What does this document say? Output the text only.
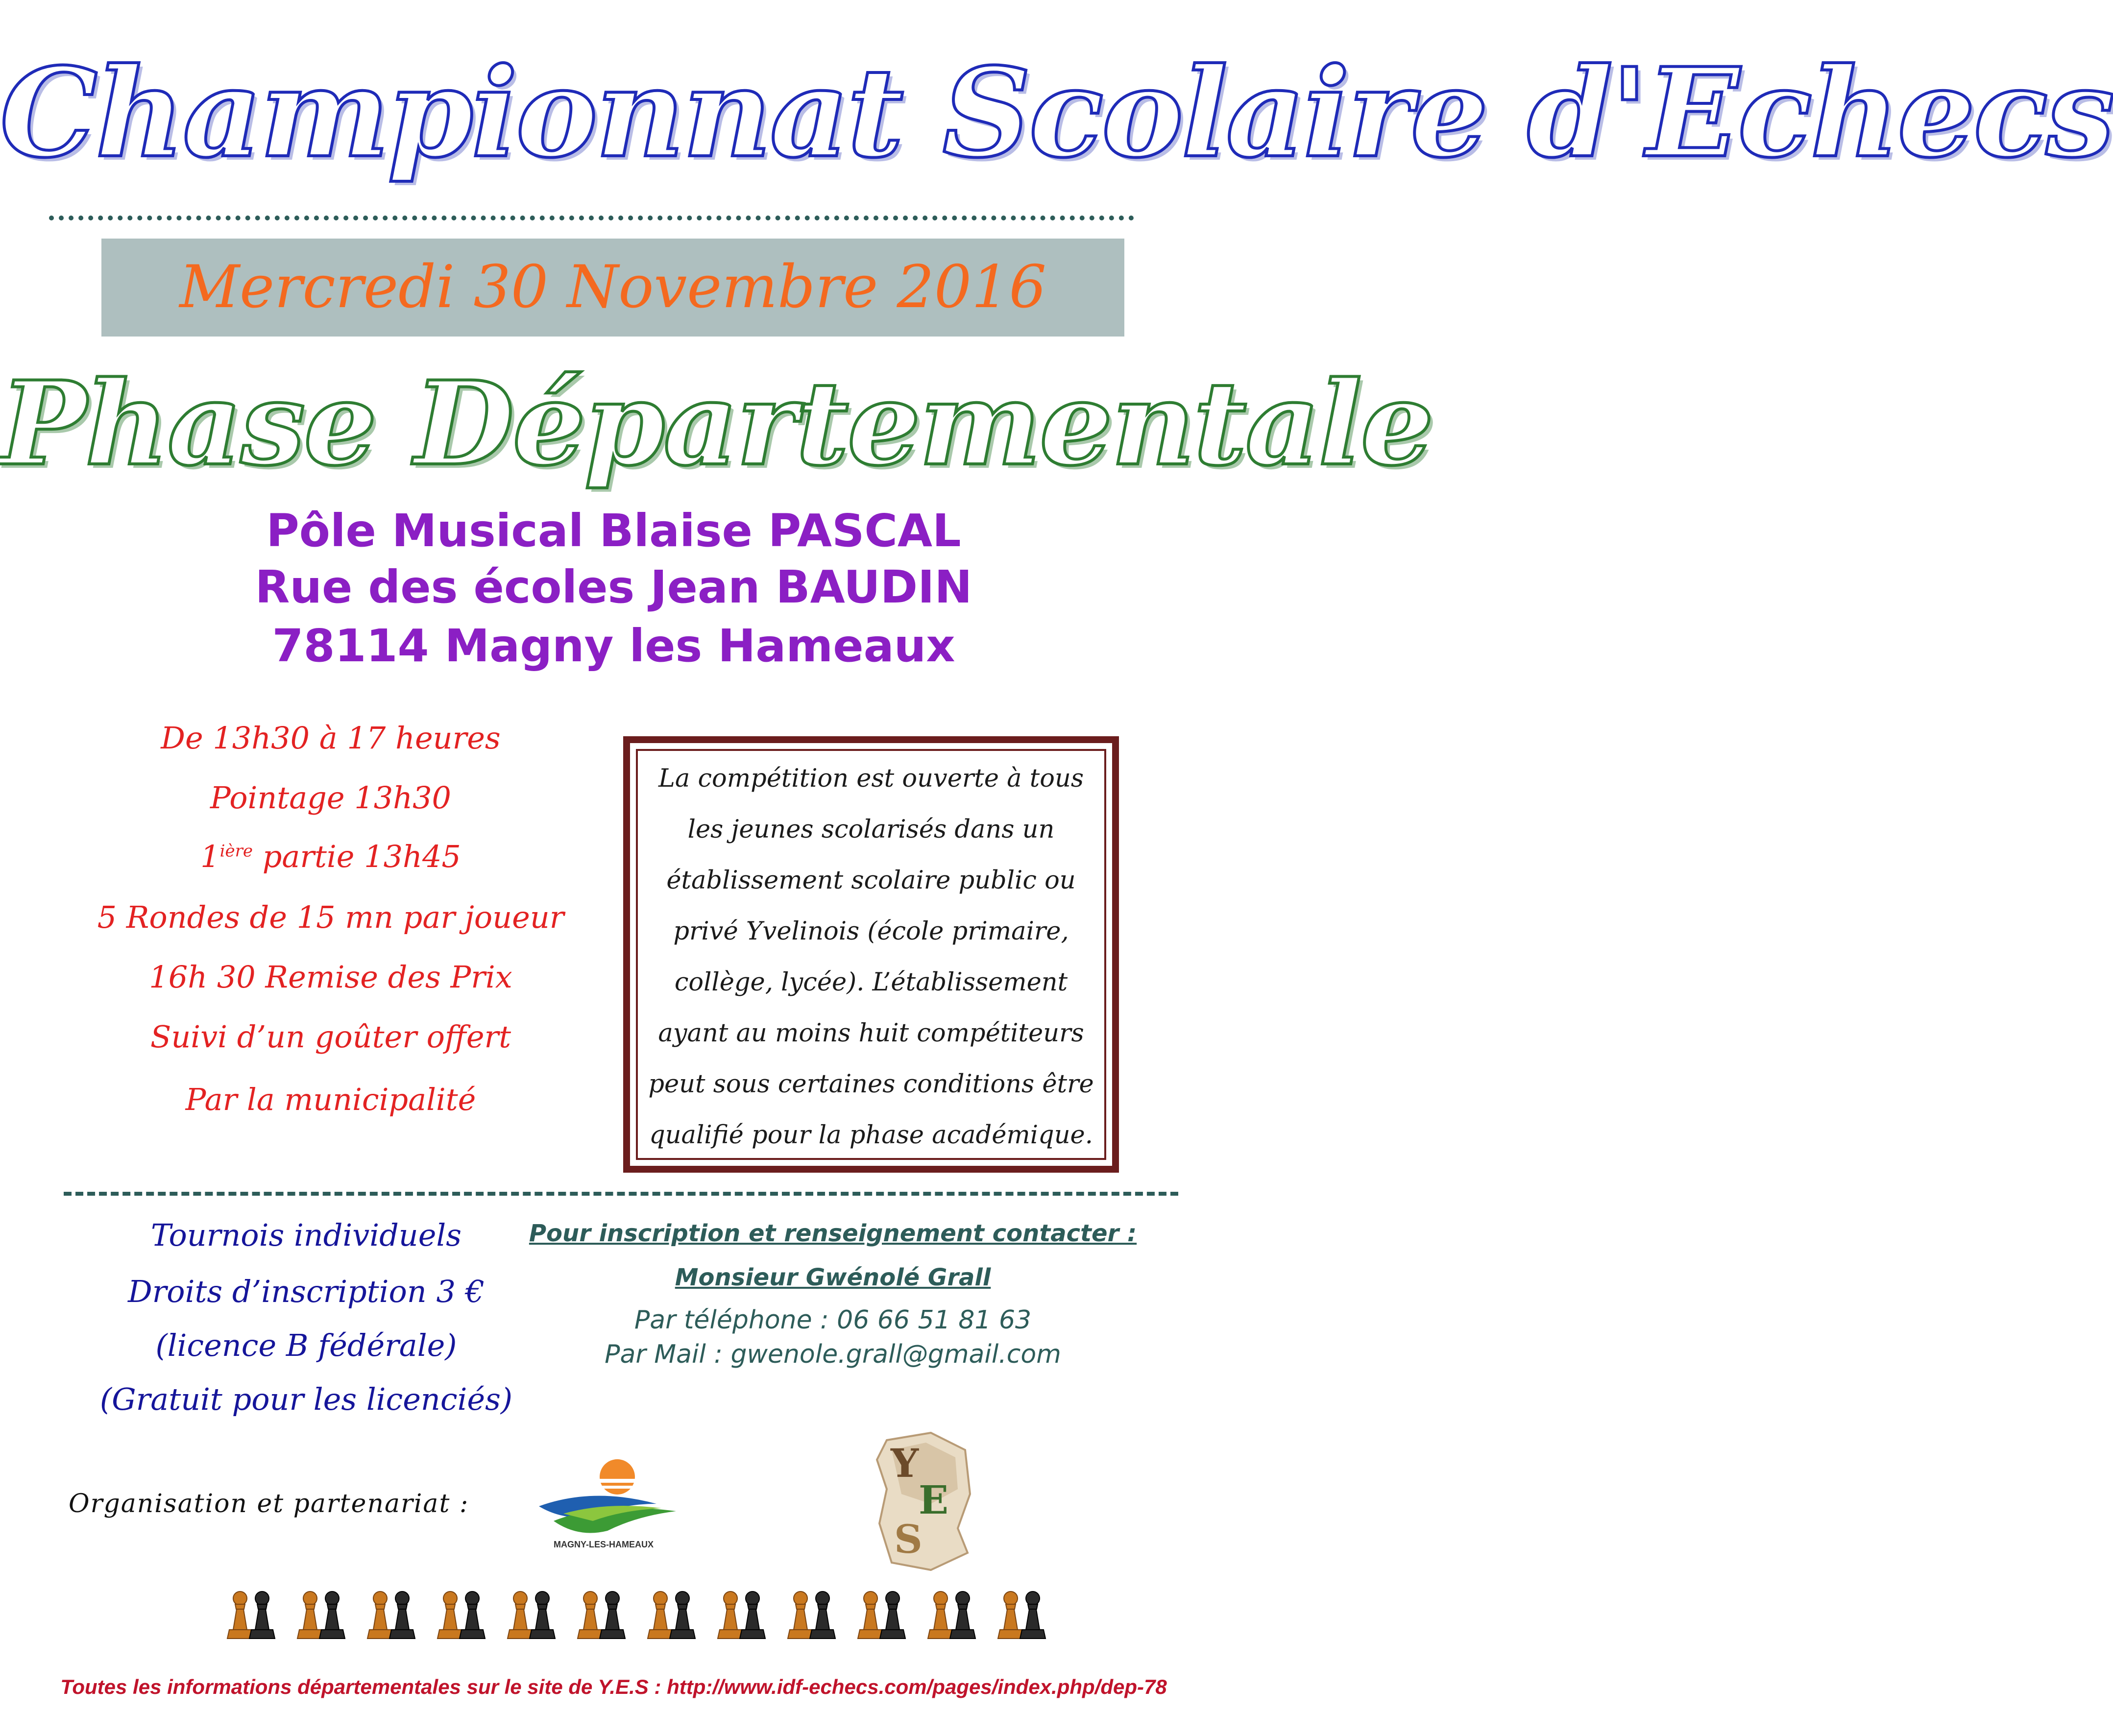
Championnat Scolaire d'Echecs
Mercredi 30 Novembre 2016
Phase Départementale
Pôle Musical Blaise PASCAL
Rue des écoles Jean BAUDIN
78114 Magny les Hameaux
De 13h30 à 17 heures
Pointage 13h30
$1^{ière}$ partie 13h45
5 Rondes de 15 mn par joueur
16h 30 Remise des Prix
Suivi d’un goûter offert
Par la municipalité
La compétition est ouverte à tous
les jeunes scolarisés dans un
établissement scolaire public ou
privé Yvelinois (école primaire,
collège, lycée). L’établissement
ayant au moins huit compétiteurs
peut sous certaines conditions être
qualifié pour la phase académique.
Tournois individuels
Droits d’inscription 3 €
(licence B fédérale)
(Gratuit pour les licenciés)
Pour inscription et renseignement contacter :
Monsieur Gwénolé Grall
Par téléphone : 06 66 51 81 63
Par Mail : gwenole.grall@gmail.com
Organisation et partenariat :
MAGNY-LES-HAMEAUX
Y
E
S
Toutes les informations départementales sur le site de Y.E.S : http://www.idf-echecs.com/pages/index.php/dep-78
